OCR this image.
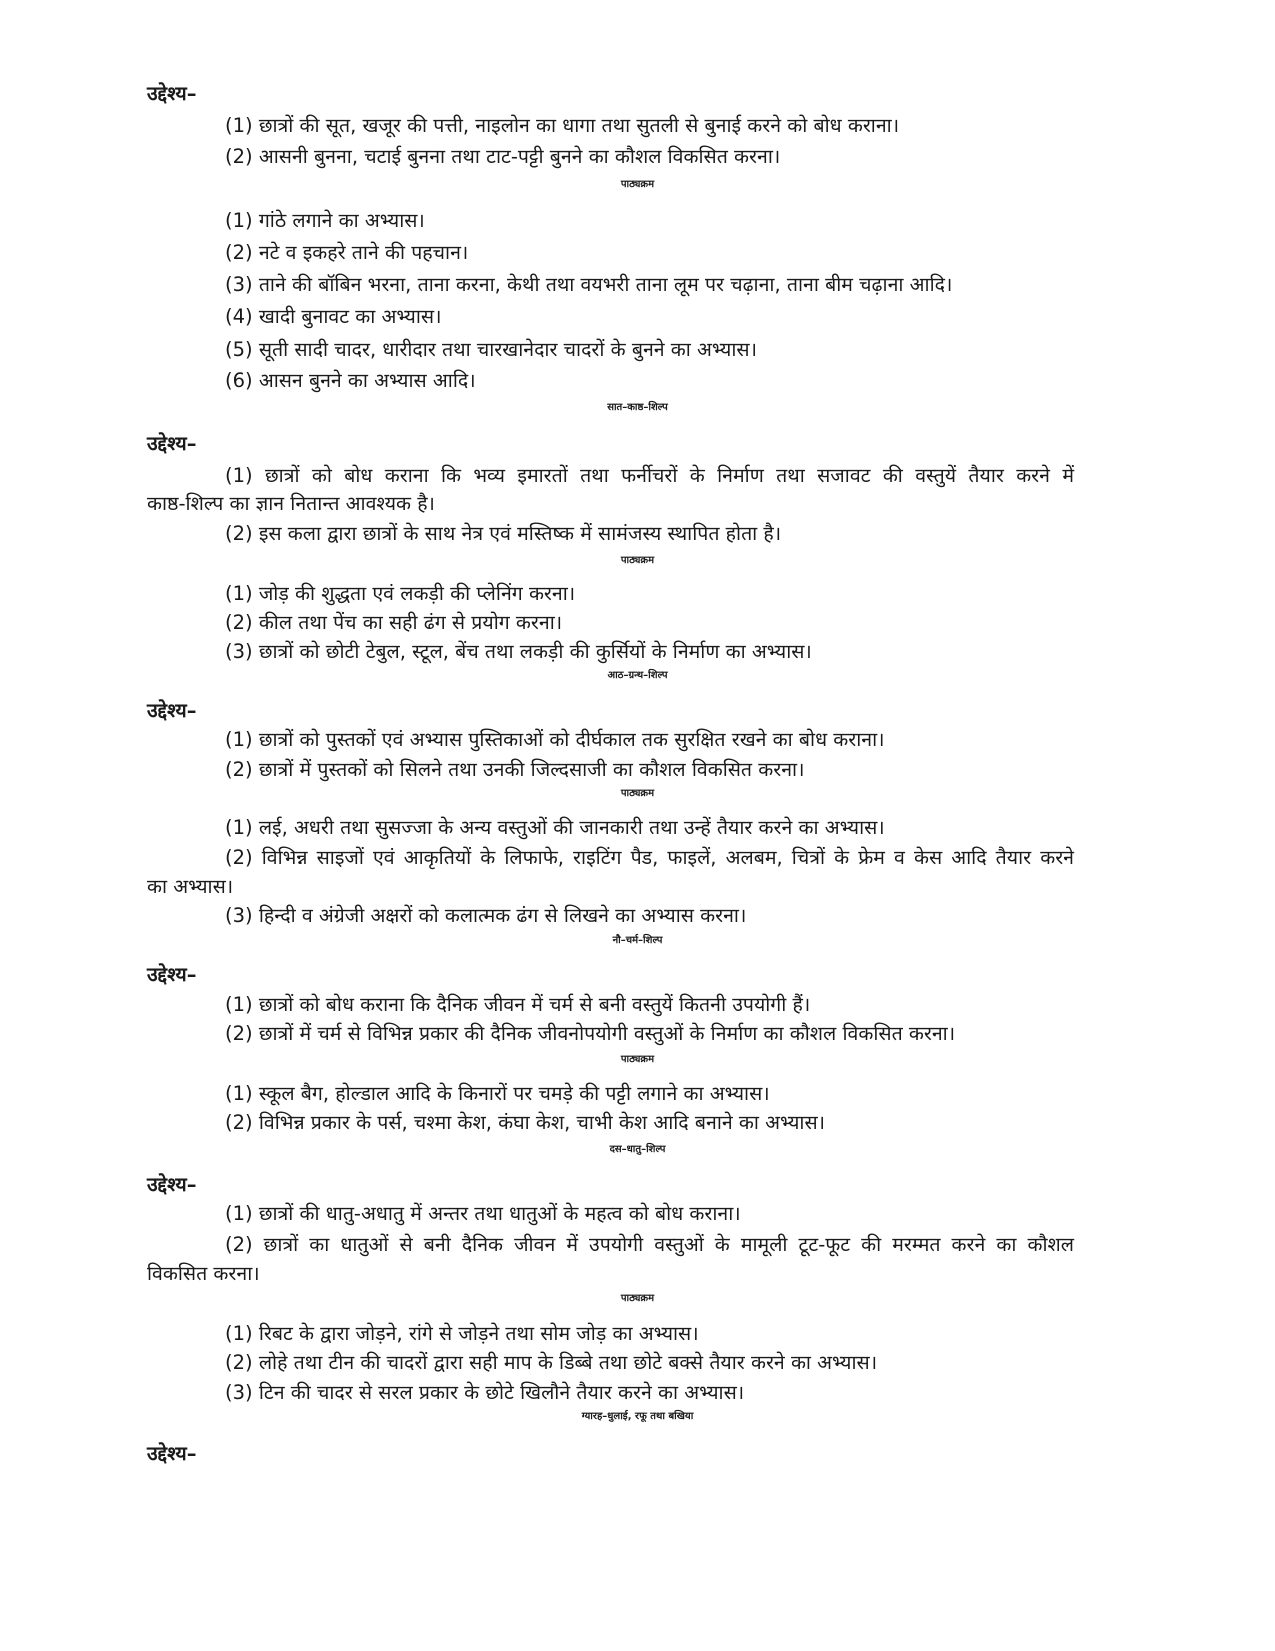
उद्देश्य–
(1) छात्रों की सूत, खजूर की पत्ती, नाइलोन का धागा तथा सुतली से बुनाई करने को बोध कराना।
(2) आसनी बुनना, चटाई बुनना तथा टाट-पट्टी बुनने का कौशल विकसित करना।
पाठ्यक्रम
(1) गांठे लगाने का अभ्यास।
(2) नटे व इकहरे ताने की पहचान।
(3) ताने की बॉबिन भरना, ताना करना, केथी तथा वयभरी ताना लूम पर चढ़ाना, ताना बीम चढ़ाना आदि।
(4) खादी बुनावट का अभ्यास।
(5) सूती सादी चादर, धारीदार तथा चारखानेदार चादरों के बुनने का अभ्यास।
(6) आसन बुनने का अभ्यास आदि।
सात–काष्ठ–शिल्प
उद्देश्य–
(1) छात्रों को बोध कराना कि भव्य इमारतों तथा फर्नीचरों के निर्माण तथा सजावट की वस्तुयें तैयार करने में
काष्ठ-शिल्प का ज्ञान नितान्त आवश्यक है।
(2) इस कला द्वारा छात्रों के साथ नेत्र एवं मस्तिष्क में सामंजस्य स्थापित होता है।
पाठ्यक्रम
(1) जोड़ की शुद्धता एवं लकड़ी की प्लेनिंग करना।
(2) कील तथा पेंच का सही ढंग से प्रयोग करना।
(3) छात्रों को छोटी टेबुल, स्टूल, बेंच तथा लकड़ी की कुर्सियों के निर्माण का अभ्यास।
आठ–ग्रन्थ–शिल्प
उद्देश्य–
(1) छात्रों को पुस्तकों एवं अभ्यास पुस्तिकाओं को दीर्घकाल तक सुरक्षित रखने का बोध कराना।
(2) छात्रों में पुस्तकों को सिलने तथा उनकी जिल्दसाजी का कौशल विकसित करना।
पाठ्यक्रम
(1) लई, अधरी तथा सुसज्जा के अन्य वस्तुओं की जानकारी तथा उन्हें तैयार करने का अभ्यास।
(2) विभिन्न साइजों एवं आकृतियों के लिफाफे, राइटिंग पैड, फाइलें, अलबम, चित्रों के फ्रेम व केस आदि तैयार करने
का अभ्यास।
(3) हिन्दी व अंग्रेजी अक्षरों को कलात्मक ढंग से लिखने का अभ्यास करना।
नौ–चर्म–शिल्प
उद्देश्य–
(1) छात्रों को बोध कराना कि दैनिक जीवन में चर्म से बनी वस्तुयें कितनी उपयोगी हैं।
(2) छात्रों में चर्म से विभिन्न प्रकार की दैनिक जीवनोपयोगी वस्तुओं के निर्माण का कौशल विकसित करना।
पाठ्यक्रम
(1) स्कूल बैग, होल्डाल आदि के किनारों पर चमड़े की पट्टी लगाने का अभ्यास।
(2) विभिन्न प्रकार के पर्स, चश्मा केश, कंघा केश, चाभी केश आदि बनाने का अभ्यास।
दस–धातु–शिल्प
उद्देश्य–
(1) छात्रों की धातु-अधातु में अन्तर तथा धातुओं के महत्व को बोध कराना।
(2) छात्रों का धातुओं से बनी दैनिक जीवन में उपयोगी वस्तुओं के मामूली टूट-फूट की मरम्मत करने का कौशल
विकसित करना।
पाठ्यक्रम
(1) रिबट के द्वारा जोड़ने, रांगे से जोड़ने तथा सोम जोड़ का अभ्यास।
(2) लोहे तथा टीन की चादरों द्वारा सही माप के डिब्बे तथा छोटे बक्से तैयार करने का अभ्यास।
(3) टिन की चादर से सरल प्रकार के छोटे खिलौने तैयार करने का अभ्यास।
ग्यारह–धुलाई, रफू तथा बखिया
उद्देश्य–
